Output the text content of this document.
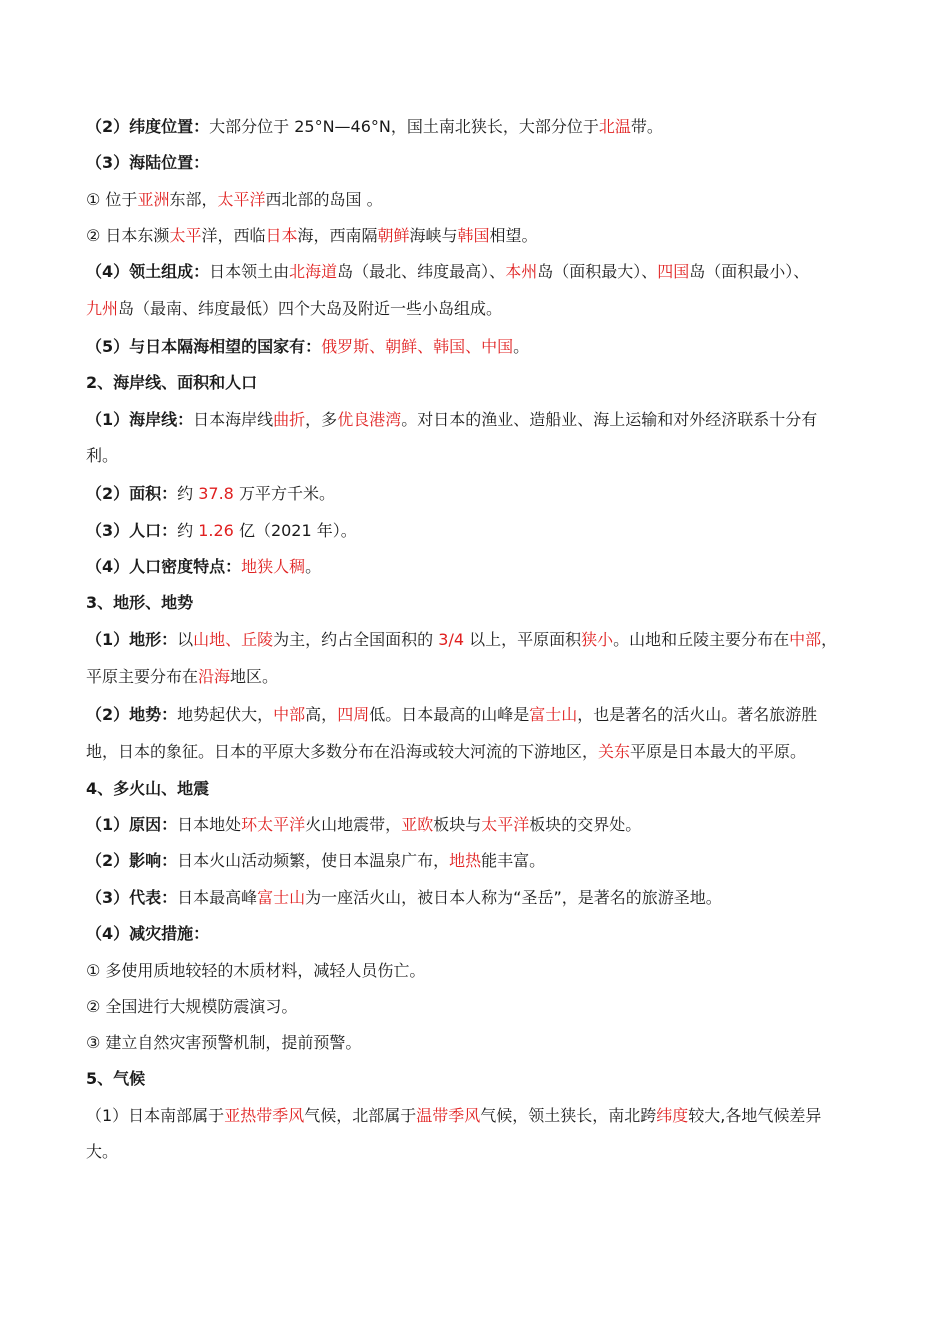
（2）纬度位置：大部分位于 25°N—46°N，国土南北狭长，大部分位于北温带。
（3）海陆位置：
① 位于亚洲东部，太平洋西北部的岛国 。
② 日本东濒太平洋，西临日本海，西南隔朝鲜海峡与韩国相望。
（4）领土组成：日本领土由北海道岛（最北、纬度最高）、本州岛（面积最大）、四国岛（面积最小）、
九州岛（最南、纬度最低）四个大岛及附近一些小岛组成。
（5）与日本隔海相望的国家有：俄罗斯、朝鲜、韩国、中国。
2、海岸线、面积和人口
（1）海岸线：日本海岸线曲折，多优良港湾。对日本的渔业、造船业、海上运输和对外经济联系十分有
利。
（2）面积：约 37.8 万平方千米。
（3）人口：约 1.26 亿（2021 年）。
（4）人口密度特点：地狭人稠。
3、地形、地势
（1）地形：以山地、丘陵为主，约占全国面积的 3/4 以上，平原面积狭小。山地和丘陵主要分布在中部，
平原主要分布在沿海地区。
（2）地势：地势起伏大，中部高，四周低。日本最高的山峰是富士山，也是著名的活火山。著名旅游胜
地，日本的象征。日本的平原大多数分布在沿海或较大河流的下游地区，关东平原是日本最大的平原。
4、多火山、地震
（1）原因：日本地处环太平洋火山地震带，亚欧板块与太平洋板块的交界处。
（2）影响：日本火山活动频繁，使日本温泉广布，地热能丰富。
（3）代表：日本最高峰富士山为一座活火山，被日本人称为“圣岳”，是著名的旅游圣地。
（4）减灾措施：
① 多使用质地较轻的木质材料，减轻人员伤亡。
② 全国进行大规模防震演习。
③ 建立自然灾害预警机制，提前预警。
5、气候
（1）日本南部属于亚热带季风气候，北部属于温带季风气候，领土狭长，南北跨纬度较大,各地气候差异
大。
